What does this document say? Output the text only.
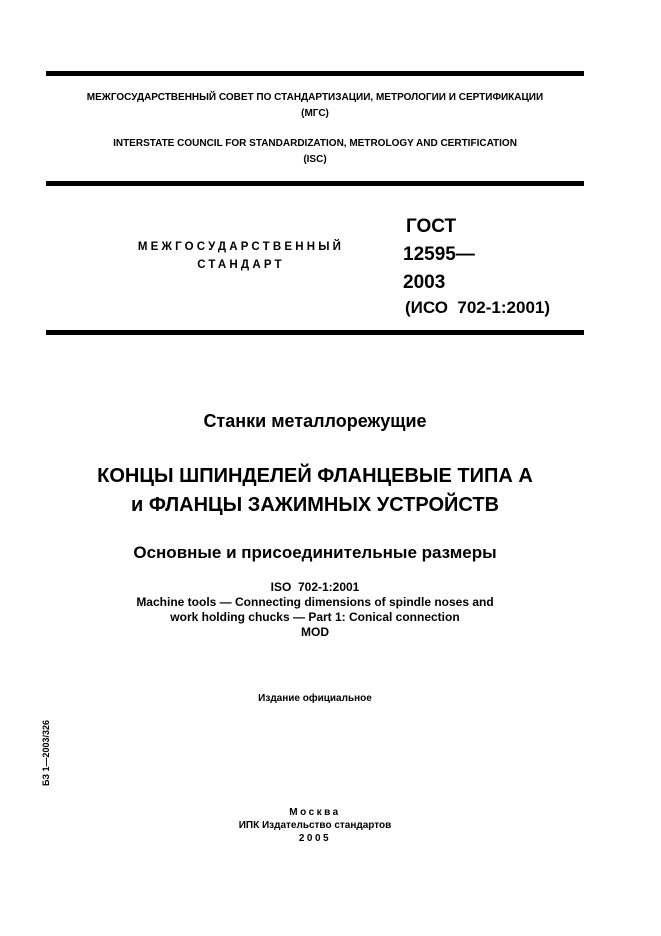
МЕЖГОСУДАРСТВЕННЫЙ СОВЕТ ПО СТАНДАРТИЗАЦИИ, МЕТРОЛОГИИ И СЕРТИФИКАЦИИ
(МГС)
INTERSTATE COUNCIL FOR STANDARDIZATION, METROLOGY AND CERTIFICATION
(ISC)
МЕЖГОСУДАРСТВЕННЫЙ
СТАНДАРТ
ГОСТ
12595—
2003
(ИСО  702-1:2001)
Станки металлорежущие
КОНЦЫ ШПИНДЕЛЕЙ ФЛАНЦЕВЫЕ ТИПА А
и ФЛАНЦЫ ЗАЖИМНЫХ УСТРОЙСТВ
Основные и присоединительные размеры
ISO  702-1:2001
Machine tools — Connecting dimensions of spindle noses and
work holding chucks — Part 1: Conical connection
MOD
Издание официальное
БЗ 1—2003/326
Москва
ИПК Издательство стандартов
2005
